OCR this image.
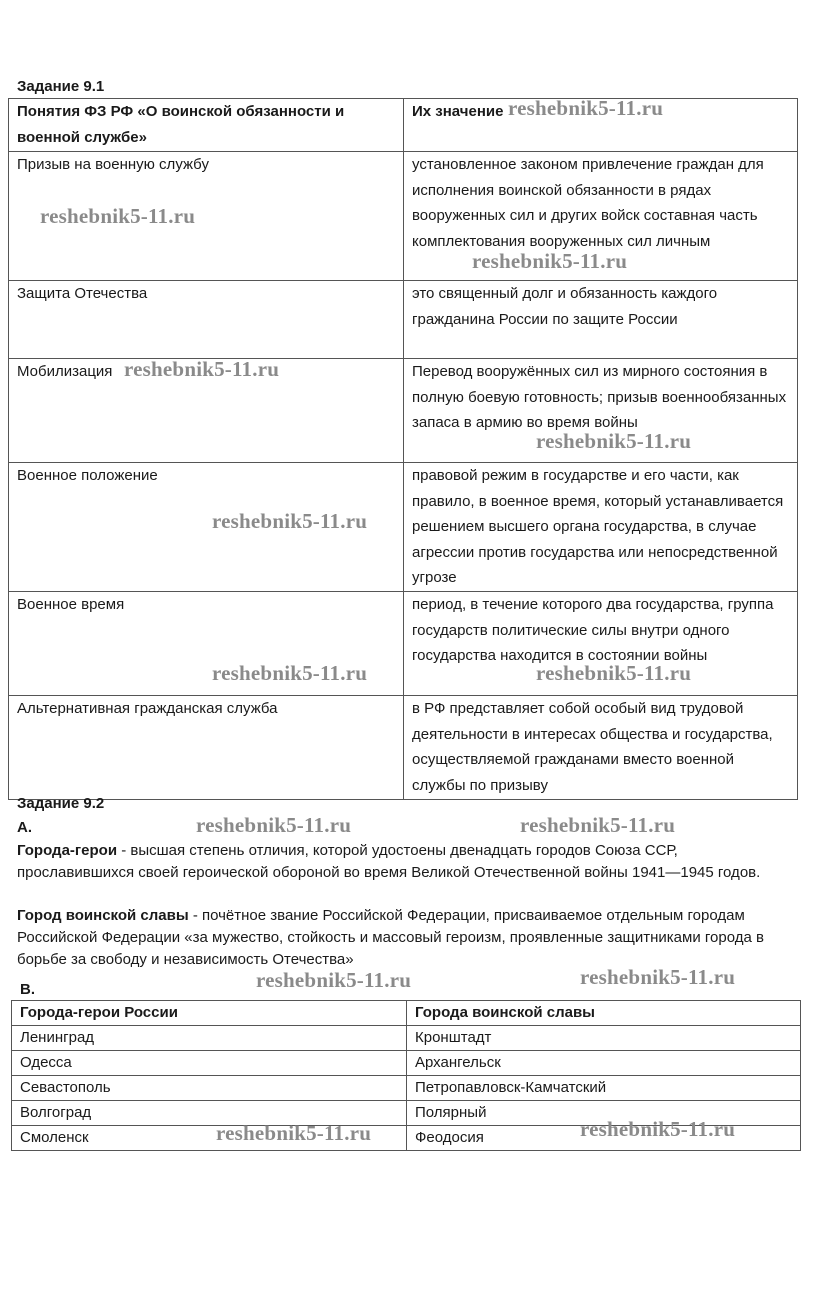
Задание 9.1
Понятия ФЗ РФ «О воинской обязанности и военной службе»	Их значение
Призыв на военную службу	установленное законом привлечение граждан для исполнения воинской обязанности в рядах вооруженных сил и других войск составная часть комплектования вооруженных сил личным
Защита Отечества	это священный долг и обязанность каждого гражданина России по защите России
Мобилизация	Перевод вооружённых сил из мирного состояния в полную боевую готовность; призыв военнообязанных запаса в армию во время войны
Военное положение	правовой режим в государстве и его части, как правило, в военное время, который устанавливается решением высшего органа государства, в случае агрессии против государства или непосредственной угрозе
Военное время	период, в течение которого два государства, группа государств политические силы внутри одного государства находится в состоянии войны
Альтернативная гражданская служба	в РФ представляет собой особый вид трудовой деятельности в интересах общества и государства, осуществляемой гражданами вместо военной службы по призыву
Задание 9.2
А.
Города-герои - высшая степень отличия, которой удостоены двенадцать городов Союза ССР, прославившихся своей героической обороной во время Великой Отечественной войны 1941—1945 годов.
Город воинской славы - почётное звание Российской Федерации, присваиваемое отдельным городам Российской Федерации «за мужество, стойкость и массовый героизм, проявленные защитниками города в борьбе за свободу и независимость Отечества»
В.
Города-герои России	Города воинской славы
Ленинград	Кронштадт
Одесса	Архангельск
Севастополь	Петропавловск-Камчатский
Волгоград	Полярный
Смоленск	Феодосия
reshebnik5-11.ru
reshebnik5-11.ru
reshebnik5-11.ru
reshebnik5-11.ru
reshebnik5-11.ru
reshebnik5-11.ru
reshebnik5-11.ru	reshebnik5-11.ru
reshebnik5-11.ru	reshebnik5-11.ru
reshebnik5-11.ru	reshebnik5-11.ru
reshebnik5-11.ru	reshebnik5-11.ru
